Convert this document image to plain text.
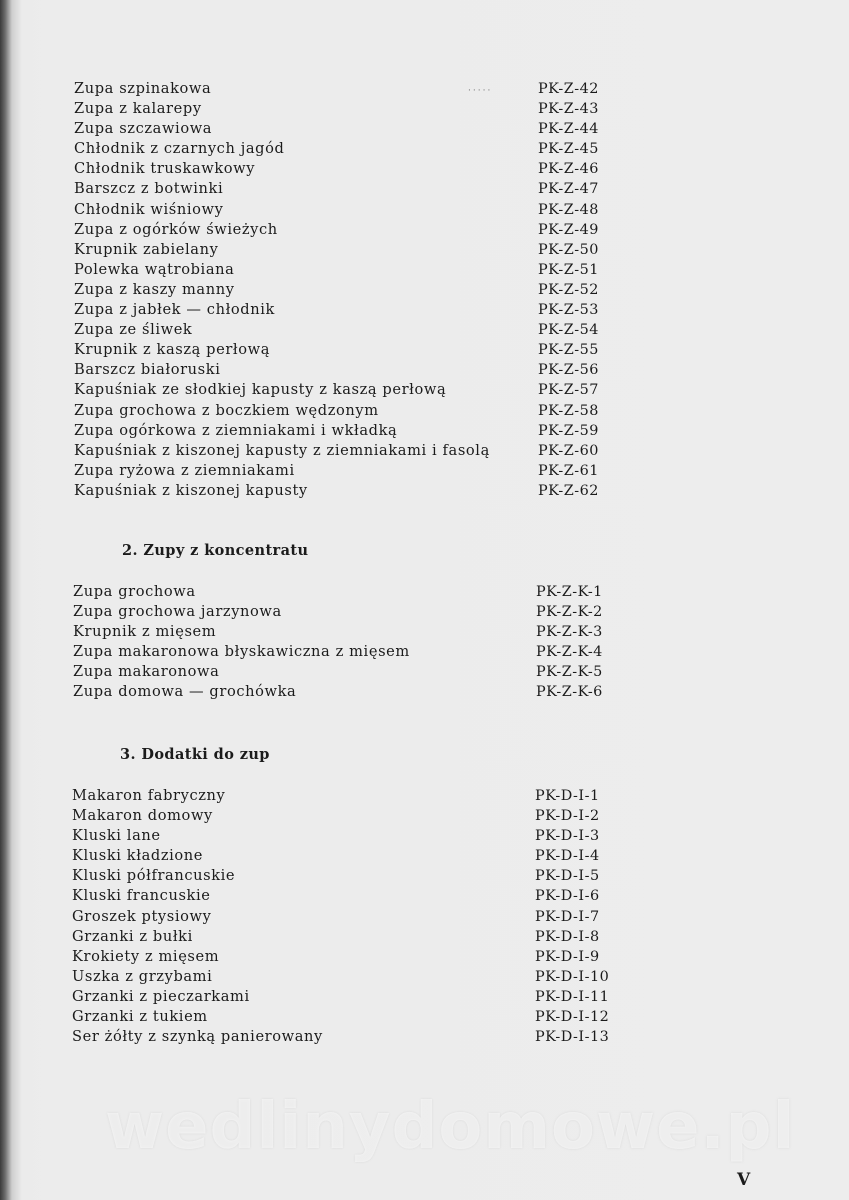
·····
Zupa szpinakowa	PK-Z-42
Zupa z kalarepy	PK-Z-43
Zupa szczawiowa	PK-Z-44
Chłodnik z czarnych jagód	PK-Z-45
Chłodnik truskawkowy	PK-Z-46
Barszcz z botwinki	PK-Z-47
Chłodnik wiśniowy	PK-Z-48
Zupa z ogórków świeżych	PK-Z-49
Krupnik zabielany	PK-Z-50
Polewka wątrobiana	PK-Z-51
Zupa z kaszy manny	PK-Z-52
Zupa z jabłek — chłodnik	PK-Z-53
Zupa ze śliwek	PK-Z-54
Krupnik z kaszą perłową	PK-Z-55
Barszcz białoruski	PK-Z-56
Kapuśniak ze słodkiej kapusty z kaszą perłową	PK-Z-57
Zupa grochowa z boczkiem wędzonym	PK-Z-58
Zupa ogórkowa z ziemniakami i wkładką	PK-Z-59
Kapuśniak z kiszonej kapusty z ziemniakami i fasolą	PK-Z-60
Zupa ryżowa z ziemniakami	PK-Z-61
Kapuśniak z kiszonej kapusty	PK-Z-62
2. Zupy z koncentratu
Zupa grochowa	PK-Z-K-1
Zupa grochowa jarzynowa	PK-Z-K-2
Krupnik z mięsem	PK-Z-K-3
Zupa makaronowa błyskawiczna z mięsem	PK-Z-K-4
Zupa makaronowa	PK-Z-K-5
Zupa domowa — grochówka	PK-Z-K-6
3. Dodatki do zup
Makaron fabryczny	PK-D-I-1
Makaron domowy	PK-D-I-2
Kluski lane	PK-D-I-3
Kluski kładzione	PK-D-I-4
Kluski półfrancuskie	PK-D-I-5
Kluski francuskie	PK-D-I-6
Groszek ptysiowy	PK-D-I-7
Grzanki z bułki	PK-D-I-8
Krokiety z mięsem	PK-D-I-9
Uszka z grzybami	PK-D-I-10
Grzanki z pieczarkami	PK-D-I-11
Grzanki z tukiem	PK-D-I-12
Ser żółty z szynką panierowany	PK-D-I-13
wedlinydomowe.pl
V
